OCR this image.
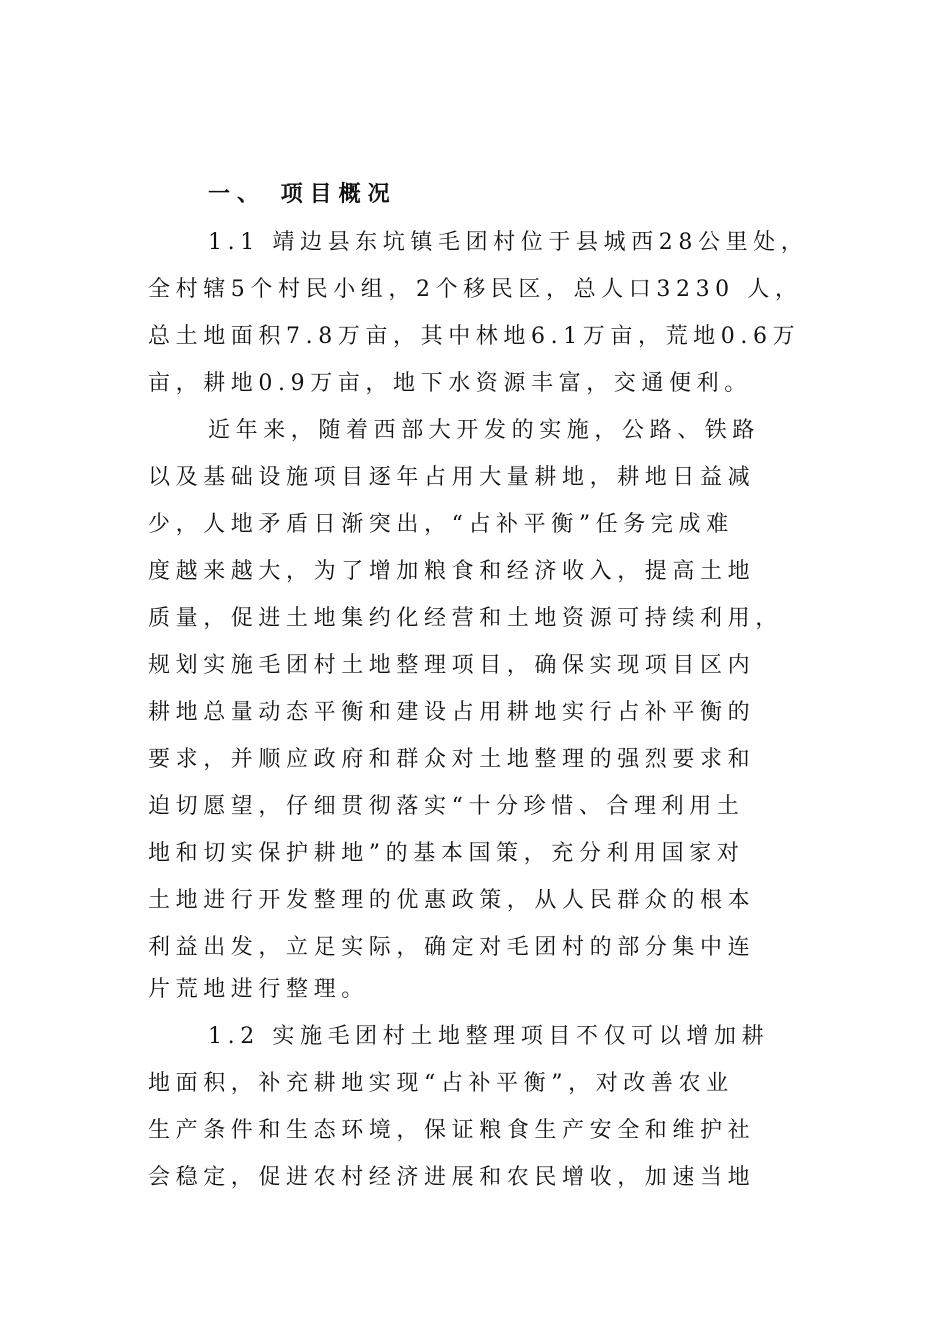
一、 项目概况
1.1 靖边县东坑镇毛团村位于县城西28公里处，
全村辖5个村民小组，2个移民区，总人口3230 人，
总土地面积7.8万亩，其中林地6.1万亩，荒地0.6万
亩，耕地0.9万亩，地下水资源丰富，交通便利。
近年来，随着西部大开发的实施，公路、铁路
以及基础设施项目逐年占用大量耕地，耕地日益减
少，人地矛盾日渐突出，“占补平衡”任务完成难
度越来越大，为了增加粮食和经济收入，提高土地
质量，促进土地集约化经营和土地资源可持续利用，
规划实施毛团村土地整理项目，确保实现项目区内
耕地总量动态平衡和建设占用耕地实行占补平衡的
要求，并顺应政府和群众对土地整理的强烈要求和
迫切愿望，仔细贯彻落实“十分珍惜、合理利用土
地和切实保护耕地”的基本国策，充分利用国家对
土地进行开发整理的优惠政策，从人民群众的根本
利益出发，立足实际，确定对毛团村的部分集中连
片荒地进行整理。
1.2 实施毛团村土地整理项目不仅可以增加耕
地面积，补充耕地实现“占补平衡”，对改善农业
生产条件和生态环境，保证粮食生产安全和维护社
会稳定，促进农村经济进展和农民增收，加速当地
